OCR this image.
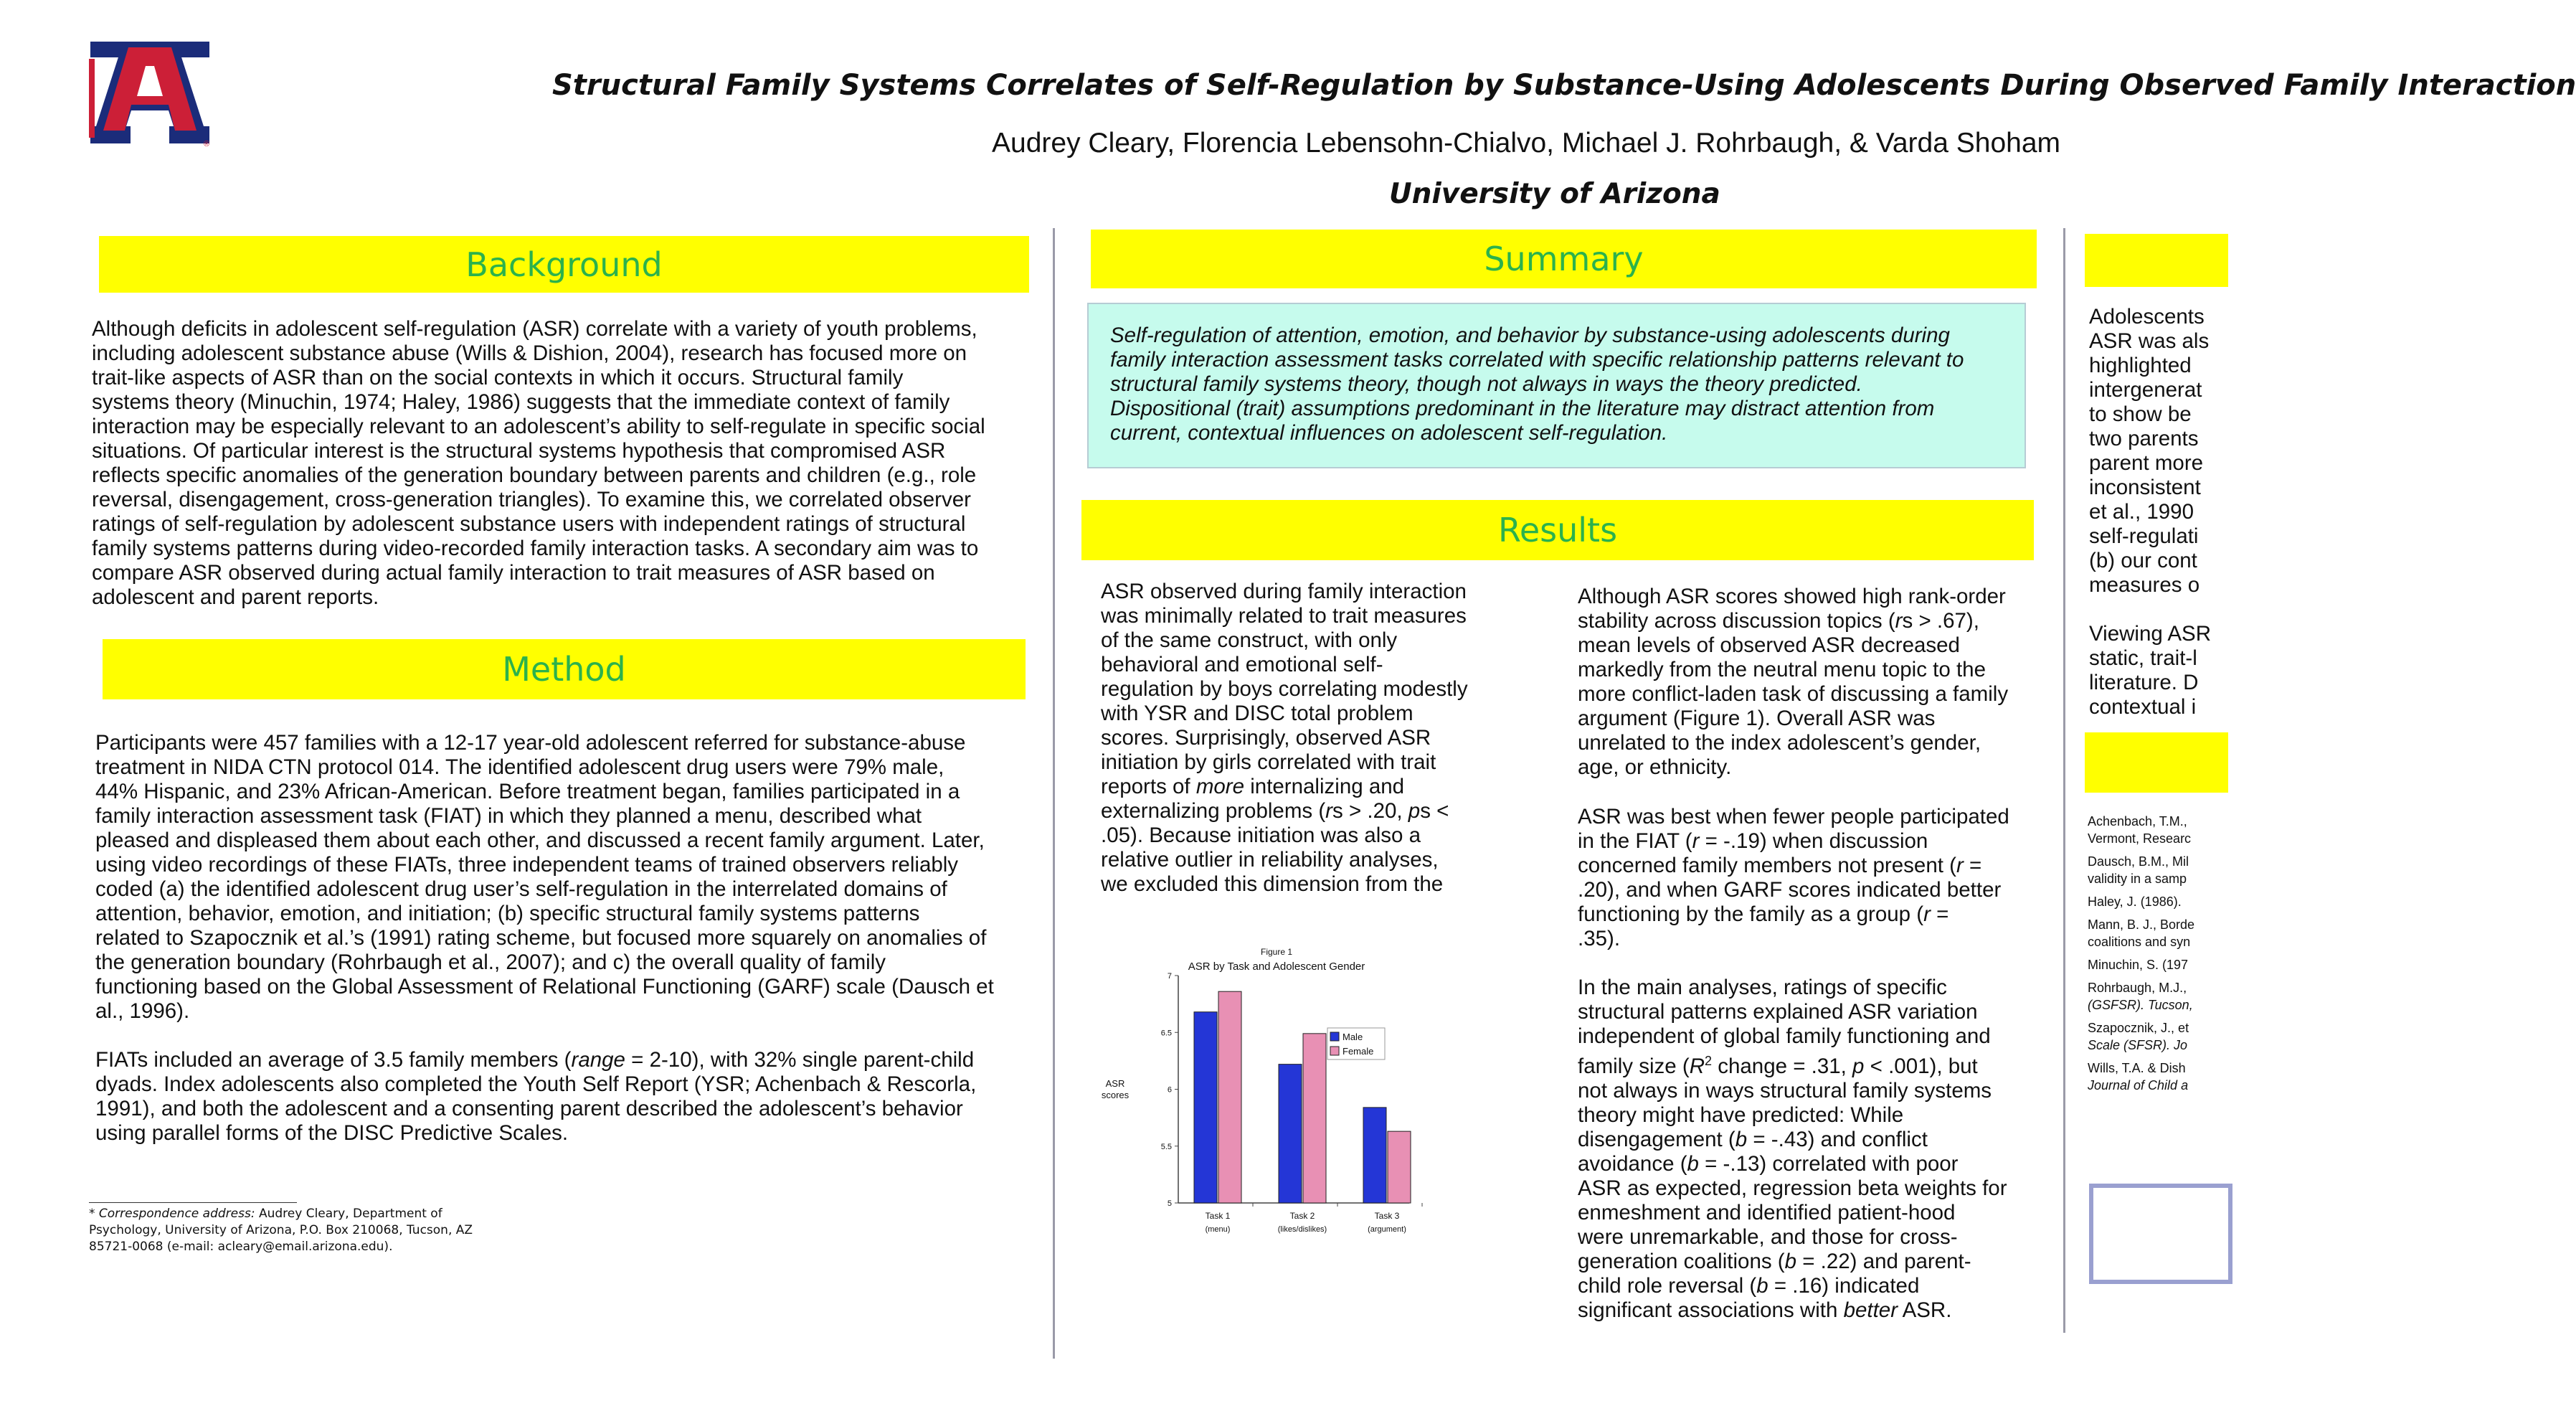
®
Structural Family Systems Correlates of Self-Regulation by Substance-Using Adolescents During Observed Family Interaction
Audrey Cleary, Florencia Lebensohn-Chialvo, Michael J. Rohrbaugh, & Varda Shoham
University of Arizona
Background
Although deficits in adolescent self-regulation (ASR) correlate with a variety of youth problems,
including adolescent substance abuse (Wills & Dishion, 2004), research has focused more on
trait-like aspects of ASR than on the social contexts in which it occurs. Structural family
systems theory (Minuchin, 1974; Haley, 1986) suggests that the immediate context of family
interaction may be especially relevant to an adolescent’s ability to self-regulate in specific social
situations. Of particular interest is the structural systems hypothesis that compromised ASR
reflects specific anomalies of the generation boundary between parents and children (e.g., role
reversal, disengagement, cross-generation triangles). To examine this, we correlated observer
ratings of self-regulation by adolescent substance users with independent ratings of structural
family systems patterns during video-recorded family interaction tasks. A secondary aim was to
compare ASR observed during actual family interaction to trait measures of ASR based on
adolescent and parent reports.
Method
Participants were 457 families with a 12-17 year-old adolescent referred for substance-abuse
treatment in NIDA CTN protocol 014. The identified adolescent drug users were 79% male,
44% Hispanic, and 23% African-American. Before treatment began, families participated in a
family interaction assessment task (FIAT) in which they planned a menu, described what
pleased and displeased them about each other, and discussed a recent family argument. Later,
using video recordings of these FIATs, three independent teams of trained observers reliably
coded (a) the identified adolescent drug user’s self-regulation in the interrelated domains of
attention, behavior, emotion, and initiation; (b) specific structural family systems patterns
related to Szapocznik et al.’s (1991) rating scheme, but focused more squarely on anomalies of
the generation boundary (Rohrbaugh et al., 2007); and c) the overall quality of family
functioning based on the Global Assessment of Relational Functioning (GARF) scale (Dausch et
al., 1996).
FIATs included an average of 3.5 family members (range = 2-10), with 32% single parent-child
dyads. Index adolescents also completed the Youth Self Report (YSR; Achenbach & Rescorla,
1991), and both the adolescent and a consenting parent described the adolescent’s behavior
using parallel forms of the DISC Predictive Scales.
* Correspondence address: Audrey Cleary, Department of
Psychology, University of Arizona, P.O. Box 210068, Tucson, AZ
85721-0068 (e-mail: acleary@email.arizona.edu).
Summary
Self-regulation of attention, emotion, and behavior by substance-using adolescents during
family interaction assessment tasks correlated with specific relationship patterns relevant to
structural family systems theory, though not always in ways the theory predicted.
Dispositional (trait) assumptions predominant in the literature may distract attention from
current, contextual influences on adolescent self-regulation.
Results
ASR observed during family interaction
was minimally related to trait measures
of the same construct, with only
behavioral and emotional self-
regulation by boys correlating modestly
with YSR and DISC total problem
scores. Surprisingly, observed ASR
initiation by girls correlated with trait
reports of more internalizing and
externalizing problems (rs > .20, ps <
.05). Because initiation was also a
relative outlier in reliability analyses,
we excluded this dimension from the
Although ASR scores showed high rank-order
stability across discussion topics (rs > .67),
mean levels of observed ASR decreased
markedly from the neutral menu topic to the
more conflict-laden task of discussing a family
argument (Figure 1). Overall ASR was
unrelated to the index adolescent’s gender,
age, or ethnicity.
ASR was best when fewer people participated
in the FIAT (r = -.19) when discussion
concerned family members not present (r =
.20), and when GARF scores indicated better
functioning by the family as a group (r =
.35).
In the main analyses, ratings of specific
structural patterns explained ASR variation
independent of global family functioning and
family size ($R^2$ change = .31, p < .001), but
not always in ways structural family systems
theory might have predicted: While
disengagement (b = -.43) and conflict
avoidance (b = -.13) correlated with poor
ASR as expected, regression beta weights for
enmeshment and identified patient-hood
were unremarkable, and those for cross-
generation coalitions (b = .22) and parent-
child role reversal (b = .16) indicated
significant associations with better ASR.
Figure 1
ASR by Task and Adolescent Gender
ASR
scores
5
5.5
6
6.5
7
Task 1
(menu)
Task 2
(likes/dislikes)
Task 3
(argument)
Male
Female
Adolescents
ASR was als
highlighted
intergenerat
to show be
two parents
parent more
inconsistent
et al., 1990
self-regulati
(b) our cont
measures o
Viewing ASR
static, trait-l
literature. D
contextual i
Achenbach, T.M.,
Vermont, Researc
Dausch, B.M., Mil
validity in a samp
Haley, J. (1986).
Mann, B. J., Borde
coalitions and syn
Minuchin, S. (197
Rohrbaugh, M.J.,
(GSFSR). Tucson,
Szapocznik, J., et
Scale (SFSR). Jo
Wills, T.A. & Dish
Journal of Child a
